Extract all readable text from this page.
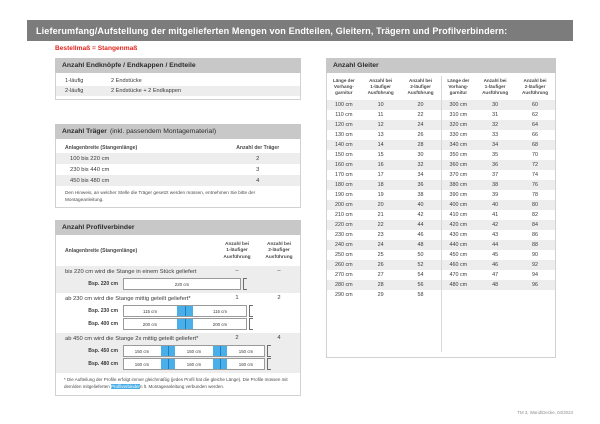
Lieferumfang/Aufstellung der mitgelieferten Mengen von Endteilen, Gleitern, Trägern und Profilverbindern:
Bestellmaß = Stangenmaß
Anzahl Endknöpfe / Endkappen / Endteile
1-läufig	2 Endstücke
2-läufig	2 Endstücke + 2 Endkappen
Anzahl Träger (inkl. passendem Montagematerial)
Anlagenbreite (Stangenlänge)	Anzahl der Träger
100 bis 220 cm	2
230 bis 440 cm	3
450 bis 480 cm	4
Den Hinweis, an welcher Stelle die Träger gesetzt werden müssen, entnehmen Sie bitte der Montageanleitung.
Anzahl Profilverbinder
Anlagenbreite (Stangenlänge)
Anzahl bei
1-läufiger
Ausführung
Anzahl bei
2-läufiger
Ausführung
bis 220 cm wird die Stange in einem Stück geliefert	–	–
Bsp. 220 cm	220 cm
ab 230 cm wird die Stange mittig geteilt geliefert*	1	2
Bsp. 230 cm	115 cm	115 cm
Bsp. 400 cm	200 cm	200 cm
ab 450 cm wird die Stange 2x mittig geteilt geliefert*	2	4
Bsp. 450 cm	150 cm	150 cm	150 cm
Bsp. 480 cm	160 cm	160 cm	160 cm
* Die Aufteilung der Profile erfolgt immer gleichmäßig (jedes Profil hat die gleiche Länge). Die Profile müssen mit dem/den mitgelieferten Profilverbindern lt. Montageanleitung verbunden werden.
Anzahl Gleiter
Länge der
Vorhang-
garnitur

Anzahl bei
1-läufiger
Ausführung

Anzahl bei
2-läufiger
Ausführung

100 cm	10	20
110 cm	11	22
120 cm	12	24
130 cm	13	26
140 cm	14	28
150 cm	15	30
160 cm	16	32
170 cm	17	34
180 cm	18	36
190 cm	19	38
200 cm	20	40
210 cm	21	42
220 cm	22	44
230 cm	23	46
240 cm	24	48
250 cm	25	50
260 cm	26	52
270 cm	27	54
280 cm	28	56
290 cm	29	58
Länge der
Vorhang-
garnitur

Anzahl bei
1-läufiger
Ausführung

Anzahl bei
2-läufiger
Ausführung

300 cm	30	60
310 cm	31	62
320 cm	32	64
330 cm	33	66
340 cm	34	68
350 cm	35	70
360 cm	36	72
370 cm	37	74
380 cm	38	76
390 cm	39	78
400 cm	40	80
410 cm	41	82
420 cm	42	84
430 cm	43	86
440 cm	44	88
450 cm	45	90
460 cm	46	92
470 cm	47	94
480 cm	48	96
TM 3, Wand/Decke, 04/2024
